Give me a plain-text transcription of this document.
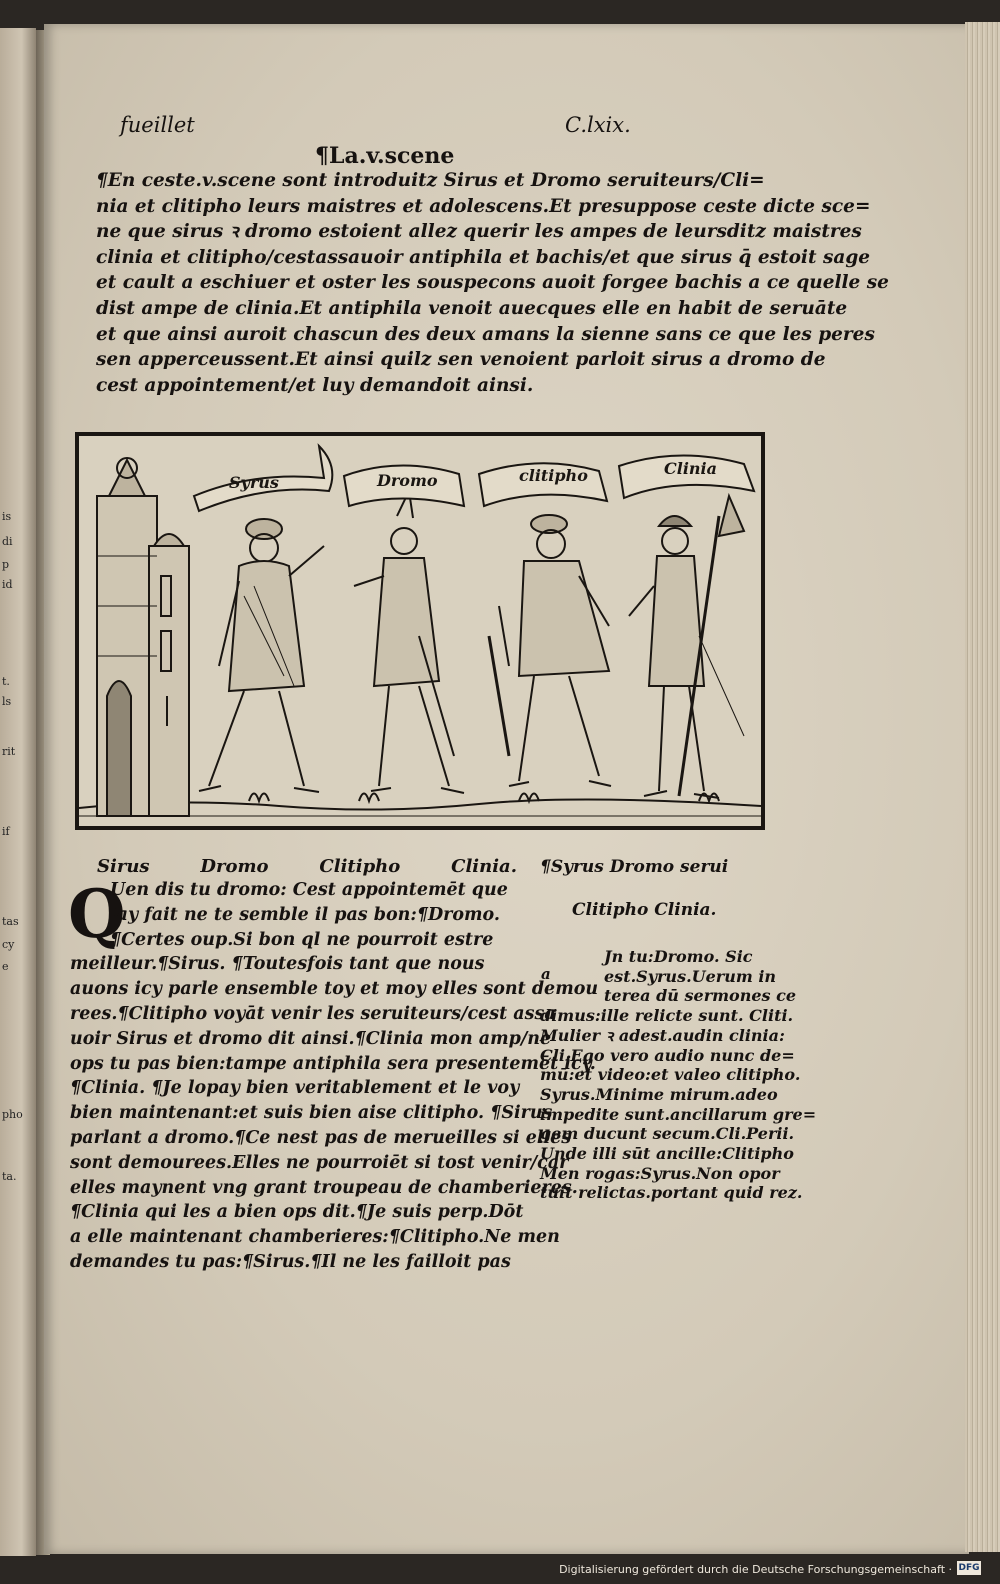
is
di
p
id
t.
ls
rit
if
tas
cy
e
pho
ta.
fueillet	C.lxix.
¶La.v.scene
¶En ceste.v.scene sont introduitz Sirus et Dromo seruiteurs/Cli=
nia et clitipho leurs maistres et adolescens.Et presuppose ceste dicte sce=
ne que sirus ꝛ dromo estoient allez querir les ampes de leursditz maistres
clinia et clitipho/cestassauoir antiphila et bachis/et que sirus q̄ estoit sage
et cault a eschiuer et oster les souspecons auoit forgee bachis a ce quelle se
dist ampe de clinia.Et antiphila venoit auecques elle en habit de seruāte
et que ainsi auroit chascun des deux amans la sienne sans ce que les peres
sen apperceussent.Et ainsi quilz sen venoient parloit sirus a dromo de
cest appointement/et luy demandoit ainsi.
Syrus	Dromo	clitipho	Clinia
Sirus	Dromo	Clitipho	Clinia.
Q
Uen dis tu dromo: Cest appointemēt que
iay fait ne te semble il pas bon:¶Dromo.
¶Certes oup.Si bon ql ne pourroit estre
meilleur.¶Sirus. ¶Toutesfois tant que nous
auons icy parle ensemble toy et moy elles sont demou
rees.¶Clitipho voyāt venir les seruiteurs/cest assa
uoir Sirus et dromo dit ainsi.¶Clinia mon amp/ne
ops tu pas bien:tampe antiphila sera presentemēt icy.
¶Clinia. ¶Je lopay bien veritablement et le voy
bien maintenant:et suis bien aise clitipho. ¶Sirus
parlant a dromo.¶Ce nest pas de merueilles si elles
sont demourees.Elles ne pourroiēt si tost venir/car
elles maynent vng grant troupeau de chamberieres.
¶Clinia qui les a bien ops dit.¶Je suis perp.Dōt
a elle maintenant chamberieres:¶Clitipho.Ne men
demandes tu pas:¶Sirus.¶Il ne les failloit pas
¶Syrus Dromo serui
Clitipho Clinia.
a
Jn tu:Dromo. Sic
est.Syrus.Uerum in
terea dū sermones ce
dimus:ille relicte sunt. Cliti.
Mulier ꝛ adest.audin clinia:
Cli.Ego vero audio nunc de=
mū:et video:et valeo clitipho.
Syrus.Minime mirum.adeo
impedite sunt.ancillarum gre=
gem ducunt secum.Cli.Perii.
Unde illi sūt ancille:Clitipho
Men rogas:Syrus.Non opor
tuit relictas.portant quid rez.
Digitalisierung gefördert durch die Deutsche Forschungsgemeinschaft · DFG
